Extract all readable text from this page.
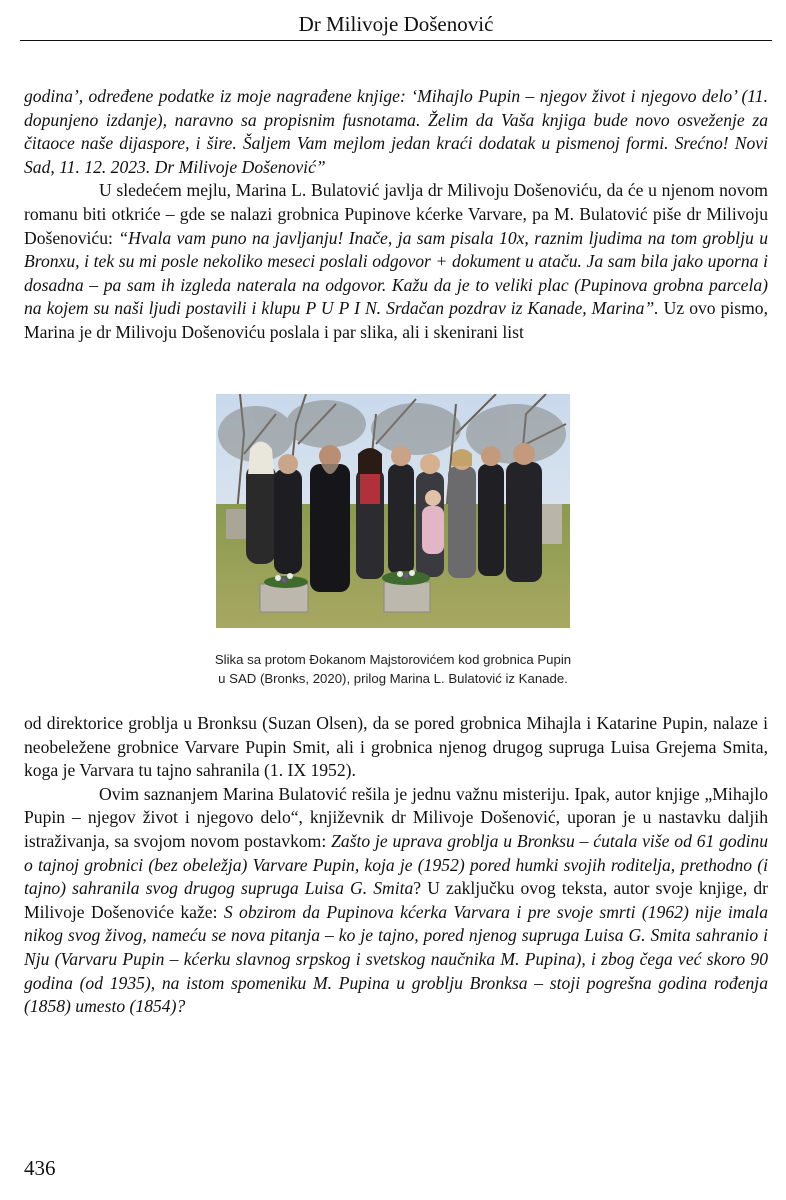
Dr Milivoje Došenović

godina’, određene podatke iz moje nagrađene knjige: ‘Mihajlo Pupin – njegov život i njegovo delo’ (11. dopunjeno izdanje), naravno sa propisnim fusnotama. Želim da Vaša knjiga bude novo osveženje za čitaoce naše dijaspore, i šire. Šaljem Vam mejlom jedan kraći dodatak u pismenoj formi. Srećno! Novi Sad, 11. 12. 2023. Dr Milivoje Došenović”

U sledećem mejlu, Marina L. Bulatović javlja dr Milivoju Došenoviću, da će u njenom novom romanu biti otkriće – gde se nalazi grobnica Pupinove kćerke Varvare, pa M. Bulatović piše dr Milivoju Došenoviću: “Hvala vam puno na javljanju! Inače, ja sam pisala 10x, raznim ljudima na tom groblju u Bronxu, i tek su mi posle nekoliko meseci poslali odgovor + dokument u ataču. Ja sam bila jako uporna i dosadna – pa sam ih izgleda naterala na odgovor. Kažu da je to veliki plac (Pupinova grobna parcela) na kojem su naši ljudi postavili i klupu P U P I N. Srdačan pozdrav iz Kanade, Marina”. Uz ovo pismo, Marina je dr Milivoju Došenoviću poslala i par slika, ali i skenirani list

Slika sa protom Đokanom Majstorovićem kod grobnica Pupin
u SAD (Bronks, 2020), prilog Marina L. Bulatović iz Kanade.

od direktorice groblja u Bronksu (Suzan Olsen), da se pored grobnica Mihajla i Katarine Pupin, nalaze i neobeležene grobnice Varvare Pupin Smit, ali i grobnica njenog drugog supruga Luisa Grejema Smita, koga je Varvara tu tajno sahranila (1. IX 1952).

Ovim saznanjem Marina Bulatović rešila je jednu važnu misteriju. Ipak, autor knjige „Mihajlo Pupin – njegov život i njegovo delo“, književnik dr Milivoje Došenović, uporan je u nastavku daljih istraživanja, sa svojom novom postavkom: Zašto je uprava groblja u Bronksu – ćutala više od 61 godinu o tajnoj grobnici (bez obeležja) Varvare Pupin, koja je (1952) pored humki svojih roditelja, prethodno (i tajno) sahranila svog drugog supruga Luisa G. Smita? U zaključku ovog teksta, autor svoje knjige, dr Milivoje Došenoviće kaže: S obzirom da Pupinova kćerka Varvara i pre svoje smrti (1962) nije imala nikog svog živog, nameću se nova pitanja – ko je tajno, pored njenog supruga Luisa G. Smita sahranio i Nju (Varvaru Pupin – kćerku slavnog srpskog i svetskog naučnika M. Pupina), i zbog čega već skoro 90 godina (od 1935), na istom spomeniku M. Pupina u groblju Bronksa – stoji pogrešna godina rođenja (1858) umesto (1854)?

436
